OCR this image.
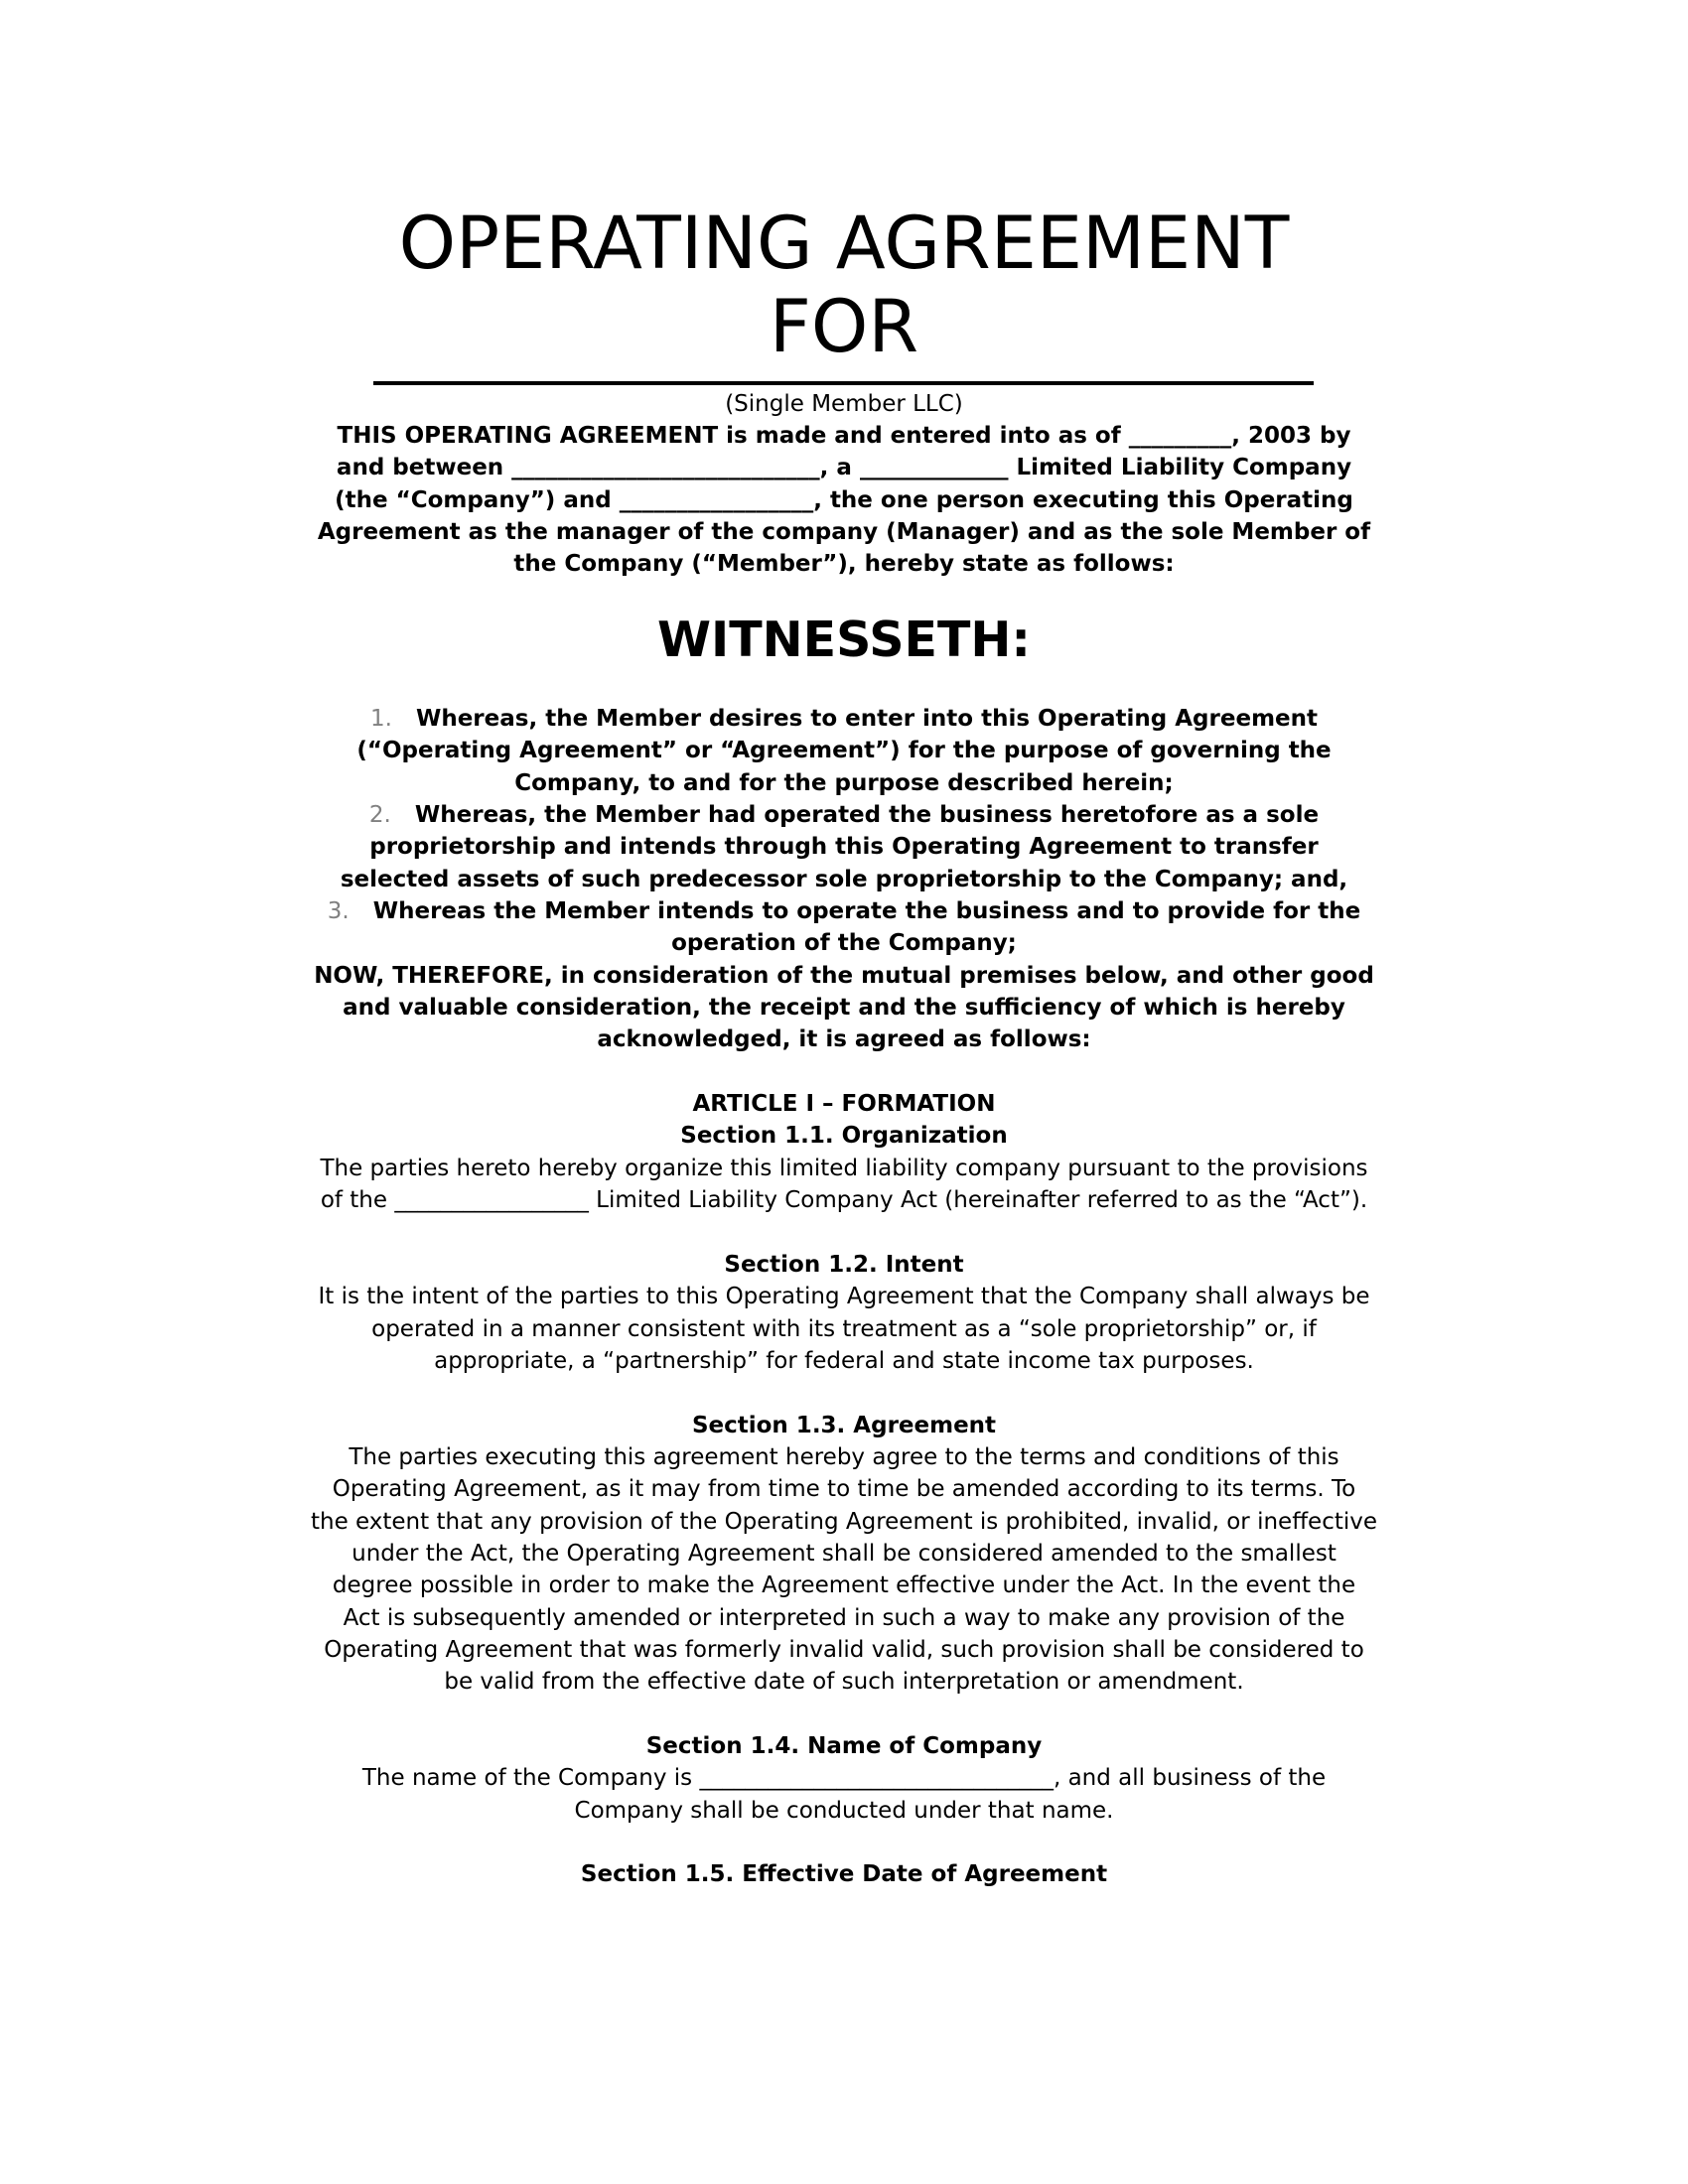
OPERATING AGREEMENT
FOR
(Single Member LLC)
THIS OPERATING AGREEMENT is made and entered into as of _________, 2003 by
and between ___________________________, a _____________ Limited Liability Company
(the “Company”) and _________________, the one person executing this Operating
Agreement as the manager of the company (Manager) and as the sole Member of
the Company (“Member”), hereby state as follows:
WITNESSETH:
1. Whereas, the Member desires to enter into this Operating Agreement
(“Operating Agreement” or “Agreement”) for the purpose of governing the
Company, to and for the purpose described herein;
2. Whereas, the Member had operated the business heretofore as a sole
proprietorship and intends through this Operating Agreement to transfer
selected assets of such predecessor sole proprietorship to the Company; and,
3. Whereas the Member intends to operate the business and to provide for the
operation of the Company;
NOW, THEREFORE, in consideration of the mutual premises below, and other good
and valuable consideration, the receipt and the sufficiency of which is hereby
acknowledged, it is agreed as follows:
ARTICLE I – FORMATION
Section 1.1. Organization
The parties hereto hereby organize this limited liability company pursuant to the provisions
of the _________________ Limited Liability Company Act (hereinafter referred to as the “Act”).
Section 1.2. Intent
It is the intent of the parties to this Operating Agreement that the Company shall always be
operated in a manner consistent with its treatment as a “sole proprietorship” or, if
appropriate, a “partnership” for federal and state income tax purposes.
Section 1.3. Agreement
The parties executing this agreement hereby agree to the terms and conditions of this
Operating Agreement, as it may from time to time be amended according to its terms. To
the extent that any provision of the Operating Agreement is prohibited, invalid, or ineffective
under the Act, the Operating Agreement shall be considered amended to the smallest
degree possible in order to make the Agreement effective under the Act. In the event the
Act is subsequently amended or interpreted in such a way to make any provision of the
Operating Agreement that was formerly invalid valid, such provision shall be considered to
be valid from the effective date of such interpretation or amendment.
Section 1.4. Name of Company
The name of the Company is _______________________________, and all business of the
Company shall be conducted under that name.
Section 1.5. Effective Date of Agreement
